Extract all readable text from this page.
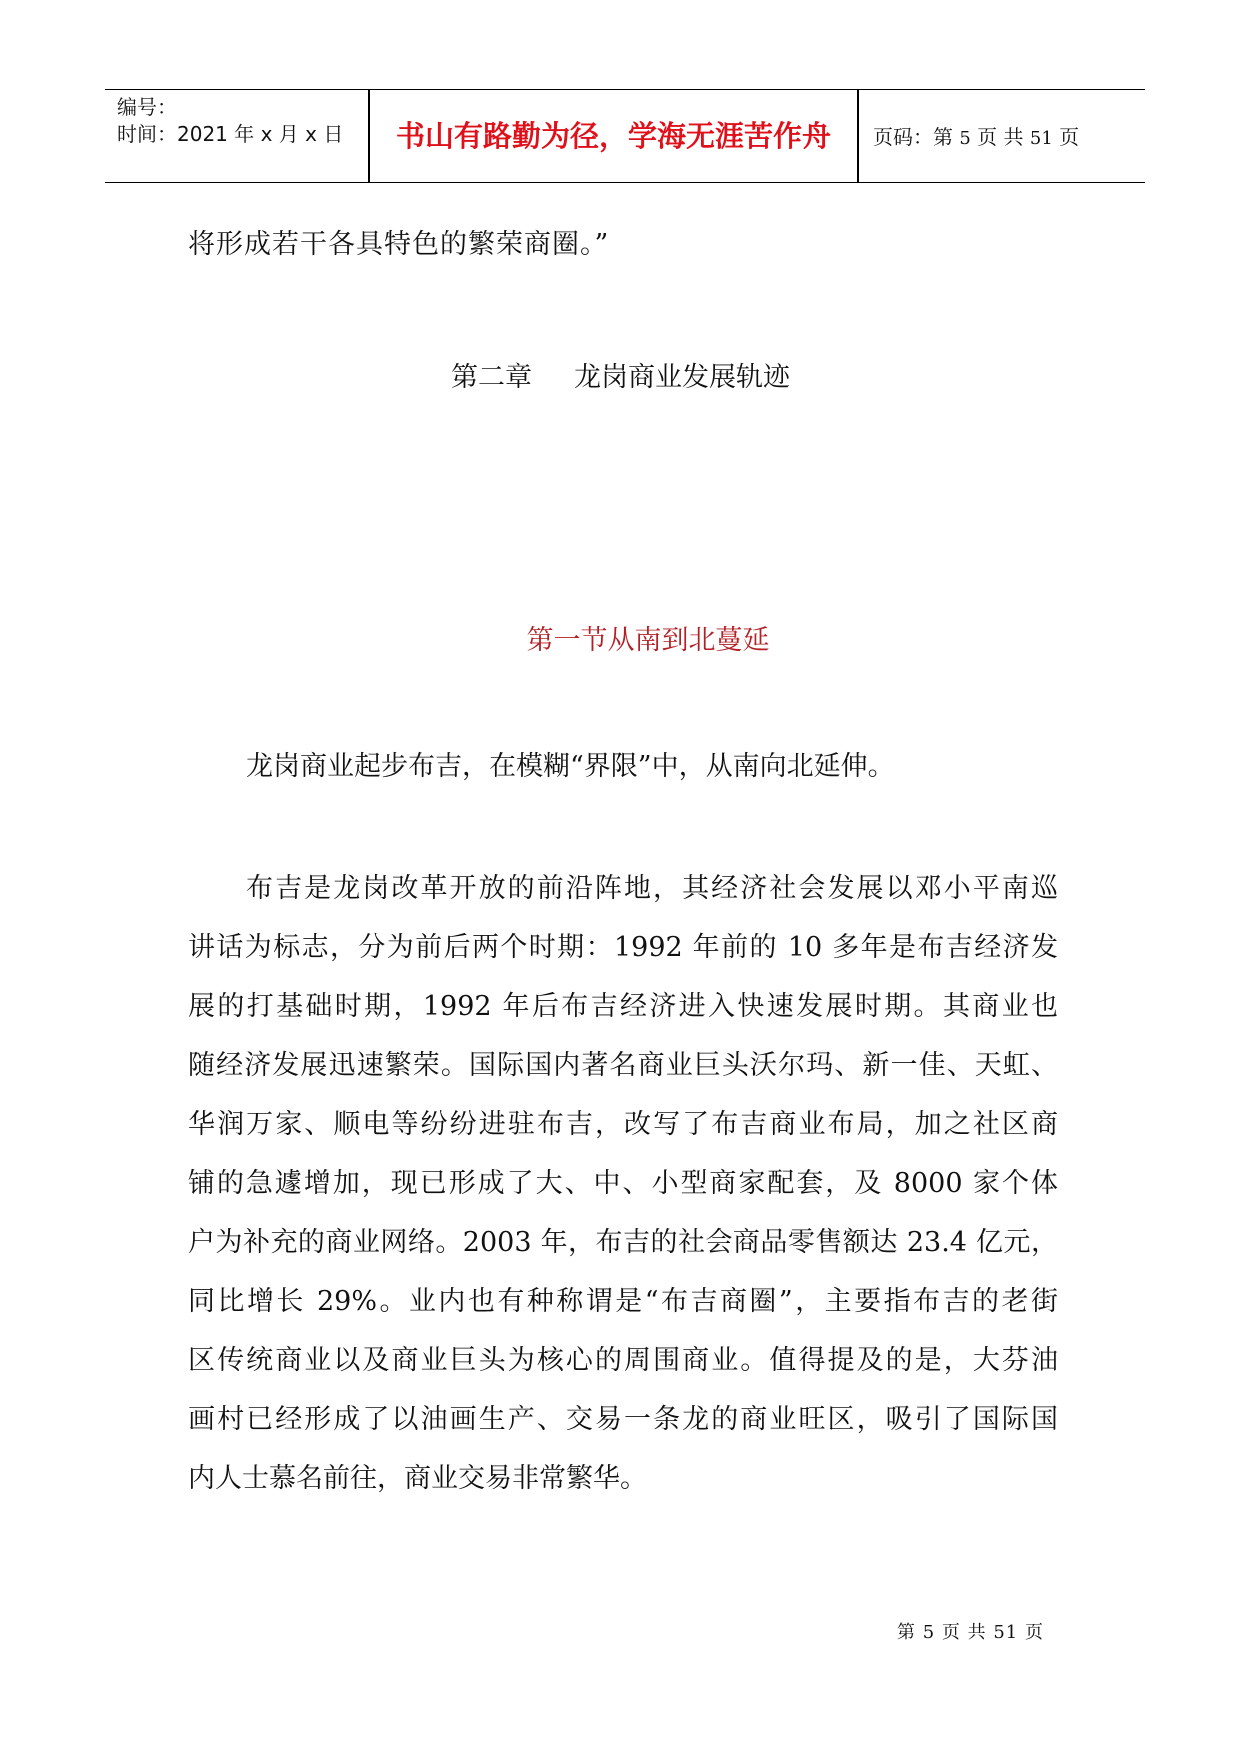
编号：
时间：2021 年 x 月 x 日	书山有路勤为径，学海无涯苦作舟	页码：第 5 页 共 51 页
将形成若干各具特色的繁荣商圈。”
第二章 龙岗商业发展轨迹
第一节从南到北蔓延
龙岗商业起步布吉，在模糊“界限”中，从南向北延伸。
布吉是龙岗改革开放的前沿阵地，其经济社会发展以邓小平南巡
讲话为标志，分为前后两个时期：1992 年前的 10 多年是布吉经济发
展的打基础时期，1992 年后布吉经济进入快速发展时期。其商业也
随经济发展迅速繁荣。国际国内著名商业巨头沃尔玛、新一佳、天虹、
华润万家、顺电等纷纷进驻布吉，改写了布吉商业布局，加之社区商
铺的急遽增加，现已形成了大、中、小型商家配套，及 8000 家个体
户为补充的商业网络。2003 年，布吉的社会商品零售额达 23.4 亿元，
同比增长 29%。业内也有种称谓是“布吉商圈”，主要指布吉的老街
区传统商业以及商业巨头为核心的周围商业。值得提及的是，大芬油
画村已经形成了以油画生产、交易一条龙的商业旺区，吸引了国际国
内人士慕名前往，商业交易非常繁华。
第 5 页 共 51 页
